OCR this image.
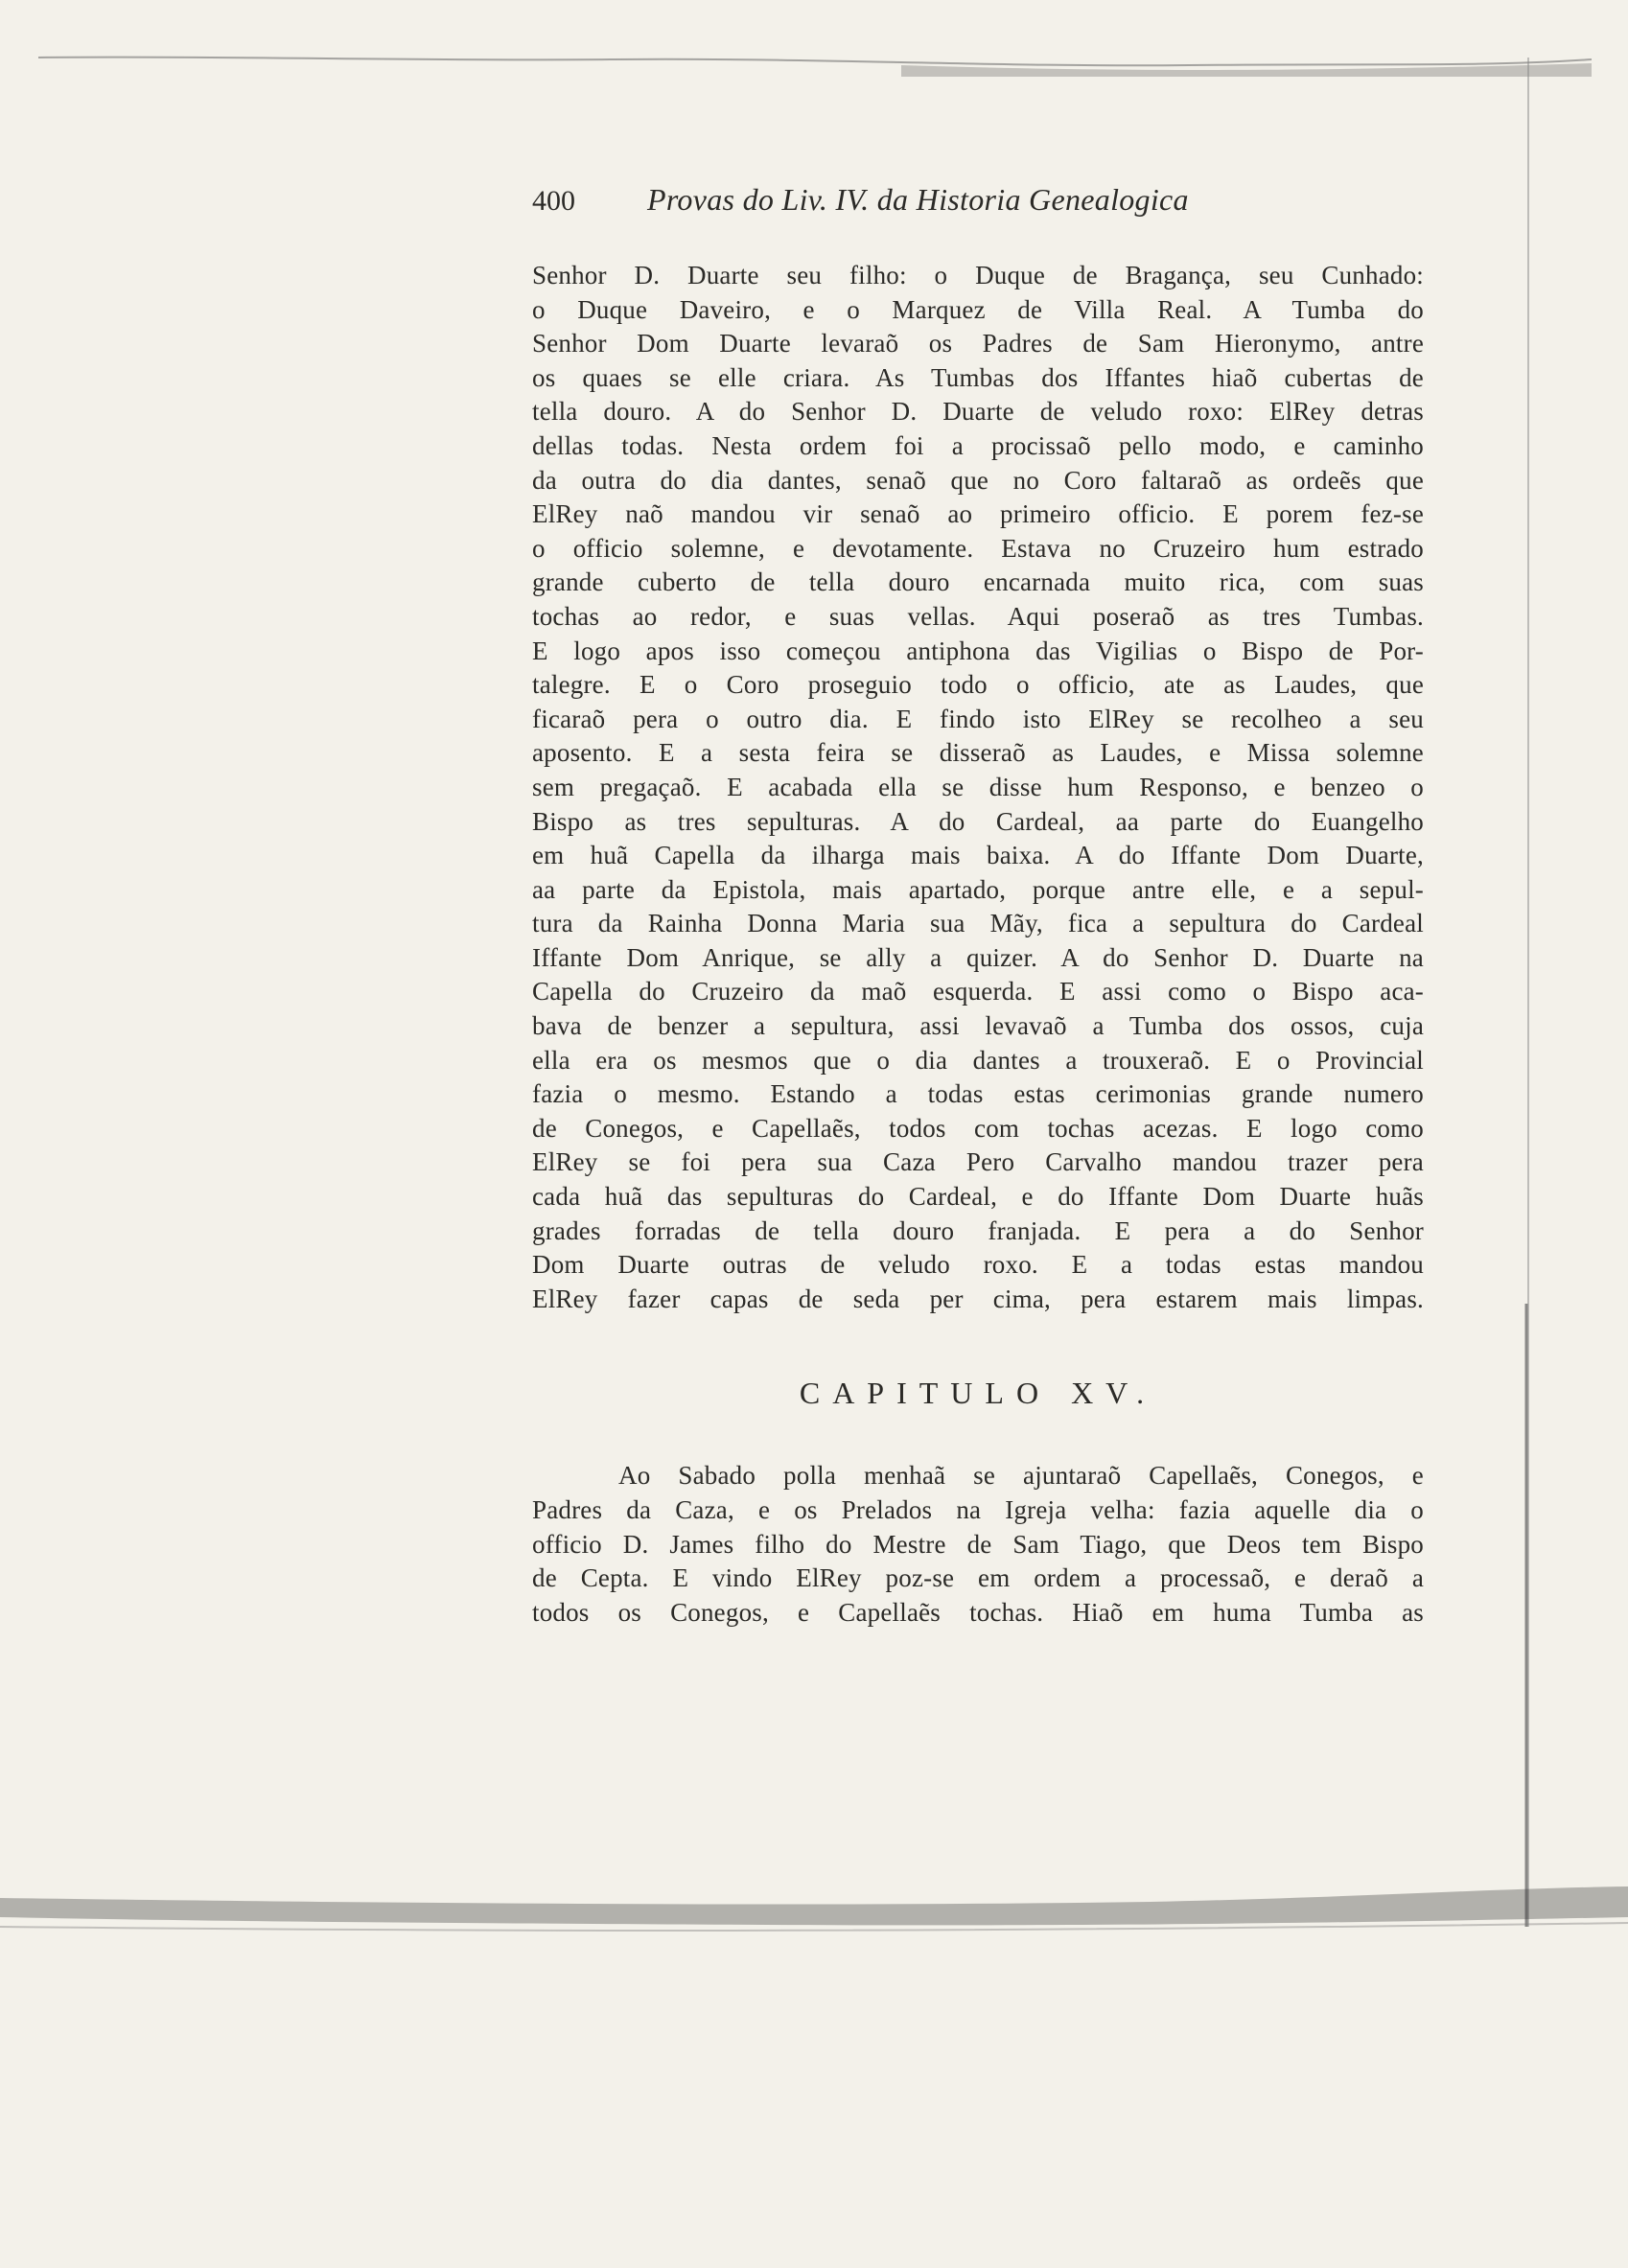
400	Provas do Liv. IV. da Historia Genealogica
Senhor D. Duarte seu filho: o Duque de Bragança, seu Cunhado:
o Duque Daveiro, e o Marquez de Villa Real. A Tumba do
Senhor Dom Duarte levaraõ os Padres de Sam Hieronymo, antre
os quaes se elle criara. As Tumbas dos Iffantes hiaõ cubertas de
tella douro. A do Senhor D. Duarte de veludo roxo: ElRey detras
dellas todas. Nesta ordem foi a procissaõ pello modo, e caminho
da outra do dia dantes, senaõ que no Coro faltaraõ as ordeẽs que
ElRey naõ mandou vir senaõ ao primeiro officio. E porem fez-se
o officio solemne, e devotamente. Estava no Cruzeiro hum estrado
grande cuberto de tella douro encarnada muito rica, com suas
tochas ao redor, e suas vellas. Aqui poseraõ as tres Tumbas.
E logo apos isso começou antiphona das Vigilias o Bispo de Por-
talegre. E o Coro proseguio todo o officio, ate as Laudes, que
ficaraõ pera o outro dia. E findo isto ElRey se recolheo a seu
aposento. E a sesta feira se disseraõ as Laudes, e Missa solemne
sem pregaçaõ. E acabada ella se disse hum Responso, e benzeo o
Bispo as tres sepulturas. A do Cardeal, aa parte do Euangelho
em huã Capella da ilharga mais baixa. A do Iffante Dom Duarte,
aa parte da Epistola, mais apartado, porque antre elle, e a sepul-
tura da Rainha Donna Maria sua Mãy, fica a sepultura do Cardeal
Iffante Dom Anrique, se ally a quizer. A do Senhor D. Duarte na
Capella do Cruzeiro da maõ esquerda. E assi como o Bispo aca-
bava de benzer a sepultura, assi levavaõ a Tumba dos ossos, cuja
ella era os mesmos que o dia dantes a trouxeraõ. E o Provincial
fazia o mesmo. Estando a todas estas cerimonias grande numero
de Conegos, e Capellaẽs, todos com tochas acezas. E logo como
ElRey se foi pera sua Caza Pero Carvalho mandou trazer pera
cada huã das sepulturas do Cardeal, e do Iffante Dom Duarte huãs
grades forradas de tella douro franjada. E pera a do Senhor
Dom Duarte outras de veludo roxo. E a todas estas mandou
ElRey fazer capas de seda per cima, pera estarem mais limpas.
CAPITULO XV.
Ao Sabado polla menhaã se ajuntaraõ Capellaẽs, Conegos, e
Padres da Caza, e os Prelados na Igreja velha: fazia aquelle dia o
officio D. James filho do Mestre de Sam Tiago, que Deos tem Bispo
de Cepta. E vindo ElRey poz-se em ordem a processaõ, e deraõ a
todos os Conegos, e Capellaẽs tochas. Hiaõ em huma Tumba as
